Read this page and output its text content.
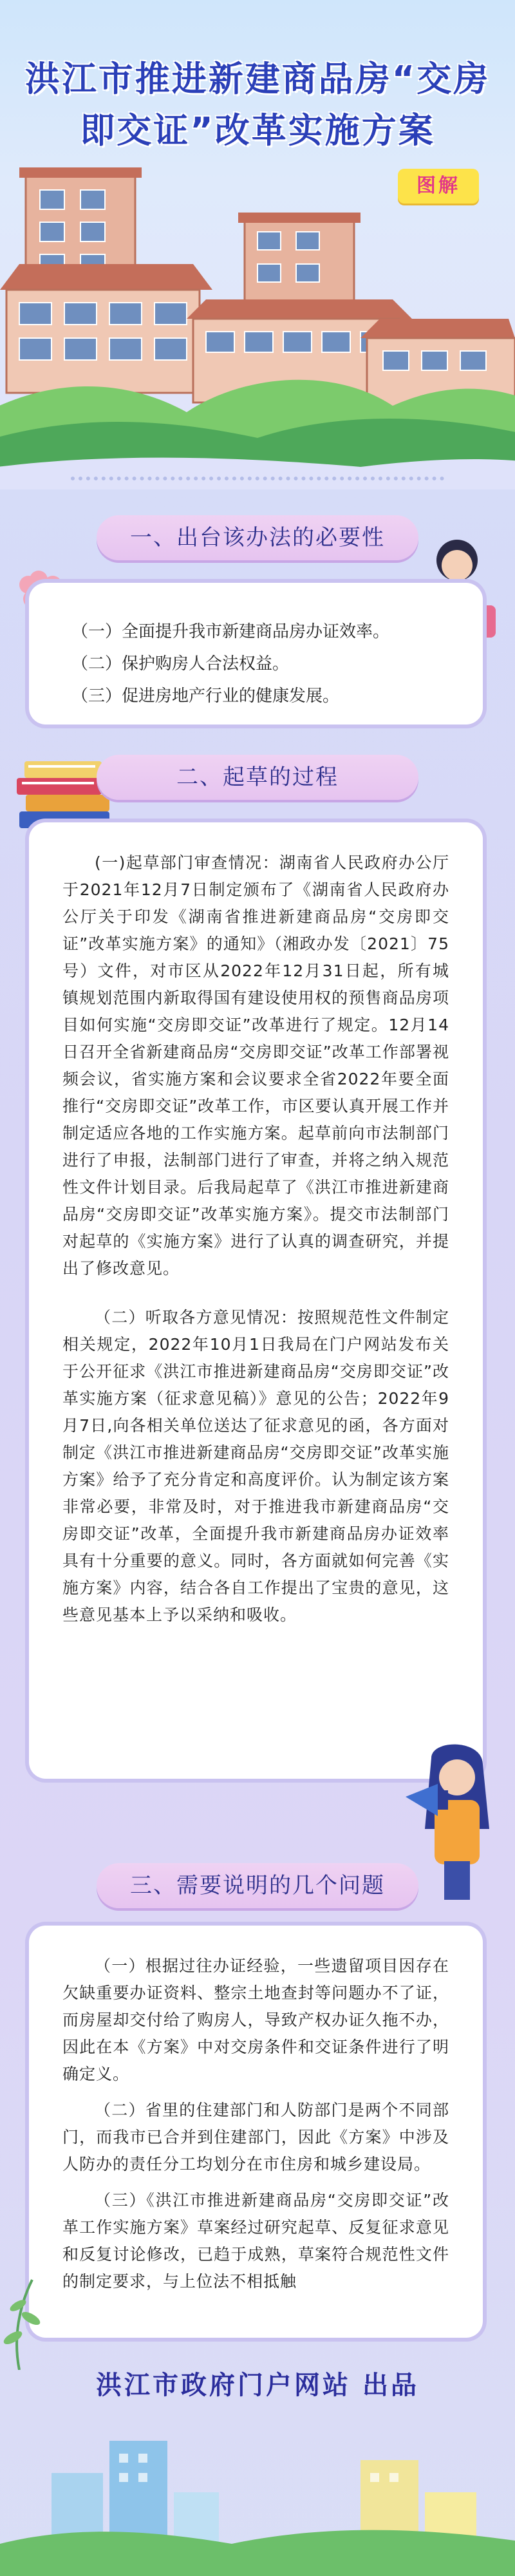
洪江市推进新建商品房“交房
即交证”改革实施方案
图解
一、出台该办法的必要性

（一）全面提升我市新建商品房办证效率。

（二）保护购房人合法权益。

（三）促进房地产行业的健康发展。

二、起草的过程

(一)起草部门审查情况：湖南省人民政府办公厅于2021年12月7日制定颁布了《湖南省人民政府办公厅关于印发《湖南省推进新建商品房“交房即交证”改革实施方案》的通知》（湘政办发〔2021〕75号）文件，对市区从2022年12月31日起，所有城镇规划范围内新取得国有建设使用权的预售商品房项目如何实施“交房即交证”改革进行了规定。12月14日召开全省新建商品房“交房即交证”改革工作部署视频会议，省实施方案和会议要求全省2022年要全面推行“交房即交证”改革工作，市区要认真开展工作并制定适应各地的工作实施方案。起草前向市法制部门进行了申报，法制部门进行了审查，并将之纳入规范性文件计划目录。后我局起草了《洪江市推进新建商品房“交房即交证”改革实施方案》。提交市法制部门对起草的《实施方案》进行了认真的调查研究，并提出了修改意见。

（二）听取各方意见情况：按照规范性文件制定相关规定，2022年10月1日我局在门户网站发布关于公开征求《洪江市推进新建商品房“交房即交证”改革实施方案（征求意见稿）》意见的公告；2022年9月7日,向各相关单位送达了征求意见的函，各方面对制定《洪江市推进新建商品房“交房即交证”改革实施方案》给予了充分肯定和高度评价。认为制定该方案非常必要，非常及时，对于推进我市新建商品房“交房即交证”改革，全面提升我市新建商品房办证效率具有十分重要的意义。同时，各方面就如何完善《实施方案》内容，结合各自工作提出了宝贵的意见，这些意见基本上予以采纳和吸收。

三、需要说明的几个问题

（一）根据过往办证经验，一些遗留项目因存在欠缺重要办证资料、整宗土地查封等问题办不了证，而房屋却交付给了购房人，导致产权办证久拖不办，因此在本《方案》中对交房条件和交证条件进行了明确定义。

（二）省里的住建部门和人防部门是两个不同部门，而我市已合并到住建部门，因此《方案》中涉及人防办的责任分工均划分在市住房和城乡建设局。

（三）《洪江市推进新建商品房“交房即交证”改革工作实施方案》草案经过研究起草、反复征求意见和反复讨论修改，已趋于成熟，草案符合规范性文件的制定要求，与上位法不相抵触

洪江市政府门户网站 出品
